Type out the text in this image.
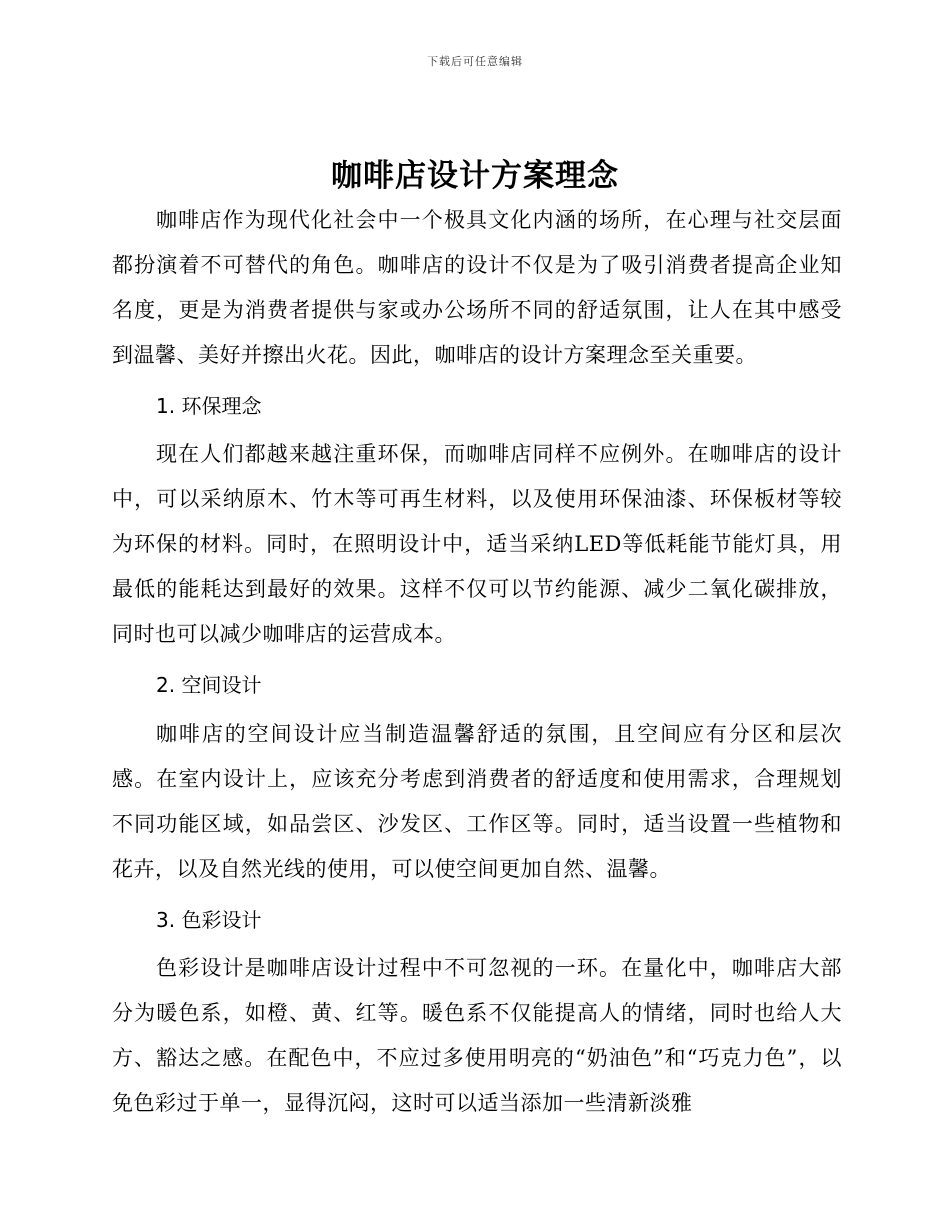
下载后可任意编辑
咖啡店设计方案理念

咖啡店作为现代化社会中一个极具文化内涵的场所，在心理与社交层面都扮演着不可替代的角色。咖啡店的设计不仅是为了吸引消费者提高企业知名度，更是为消费者提供与家或办公场所不同的舒适氛围，让人在其中感受到温馨、美好并擦出火花。因此，咖啡店的设计方案理念至关重要。

1. 环保理念

现在人们都越来越注重环保，而咖啡店同样不应例外。在咖啡店的设计中，可以采纳原木、竹木等可再生材料，以及使用环保油漆、环保板材等较为环保的材料。同时，在照明设计中，适当采纳LED等低耗能节能灯具，用最低的能耗达到最好的效果。这样不仅可以节约能源、减少二氧化碳排放，同时也可以减少咖啡店的运营成本。

2. 空间设计

咖啡店的空间设计应当制造温馨舒适的氛围，且空间应有分区和层次感。在室内设计上，应该充分考虑到消费者的舒适度和使用需求，合理规划不同功能区域，如品尝区、沙发区、工作区等。同时，适当设置一些植物和花卉，以及自然光线的使用，可以使空间更加自然、温馨。

3. 色彩设计

色彩设计是咖啡店设计过程中不可忽视的一环。在量化中，咖啡店大部分为暖色系，如橙、黄、红等。暖色系不仅能提高人的情绪，同时也给人大方、豁达之感。在配色中，不应过多使用明亮的“奶油色”和“巧克力色”，以免色彩过于单一，显得沉闷，这时可以适当添加一些清新淡雅
